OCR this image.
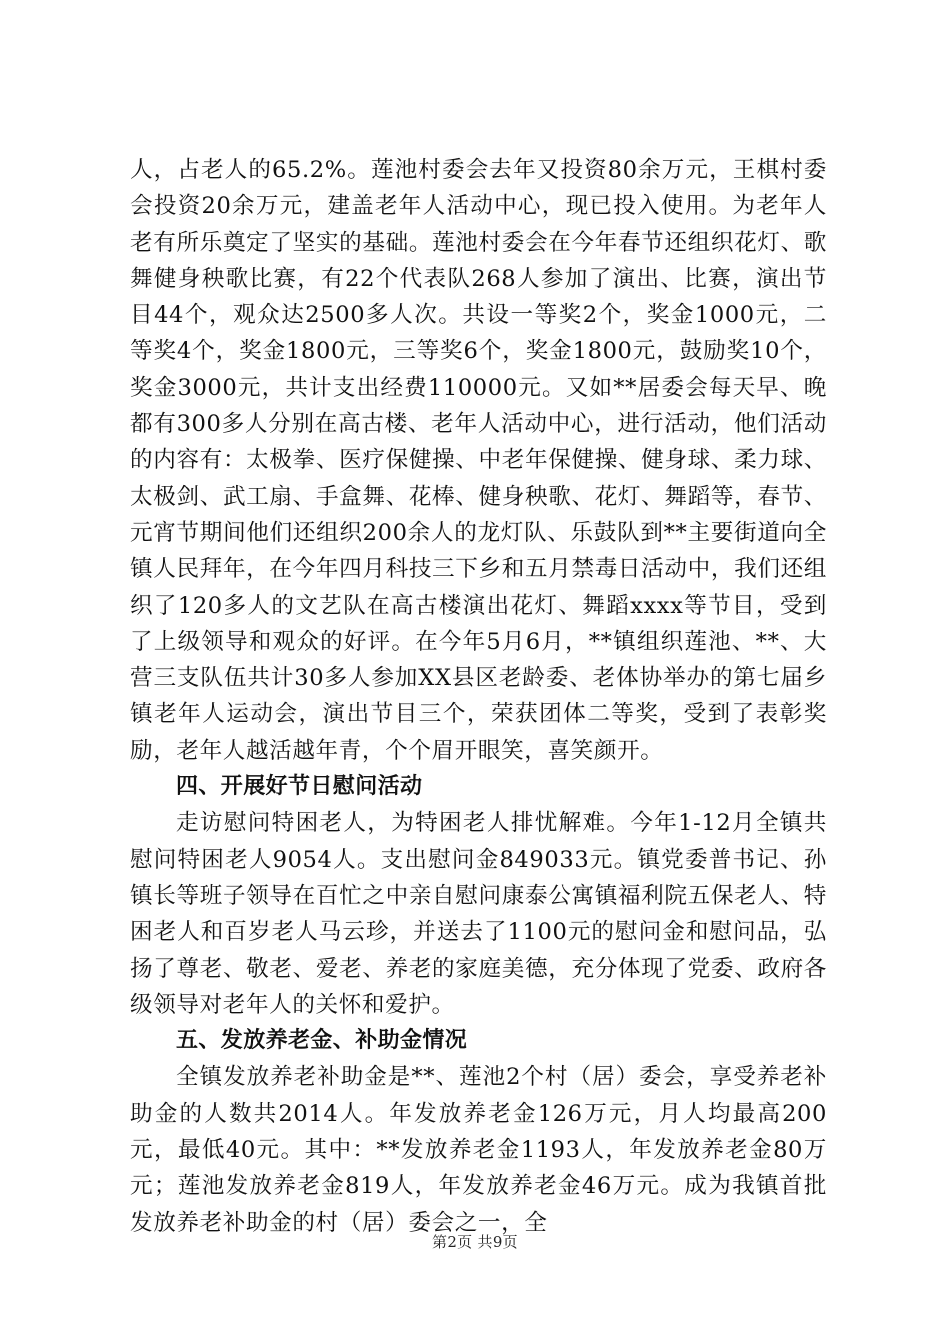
人，占老人的65.2%。莲池村委会去年又投资80余万元，王棋村委会投资20余万元，建盖老年人活动中心，现已投入使用。为老年人老有所乐奠定了坚实的基础。莲池村委会在今年春节还组织花灯、歌舞健身秧歌比赛，有22个代表队268人参加了演出、比赛，演出节目44个，观众达2500多人次。共设一等奖2个，奖金1000元，二等奖4个，奖金1800元，三等奖6个，奖金1800元，鼓励奖10个，奖金3000元，共计支出经费110000元。又如**居委会每天早、晚都有300多人分别在高古楼、老年人活动中心，进行活动，他们活动的内容有：太极拳、医疗保健操、中老年保健操、健身球、柔力球、太极剑、武工扇、手盒舞、花棒、健身秧歌、花灯、舞蹈等，春节、元宵节期间他们还组织200余人的龙灯队、乐鼓队到**主要街道向全镇人民拜年，在今年四月科技三下乡和五月禁毒日活动中，我们还组织了120多人的文艺队在高古楼演出花灯、舞蹈xxxx等节目，受到了上级领导和观众的好评。在今年5月6月，**镇组织莲池、**、大营三支队伍共计30多人参加XX县区老龄委、老体协举办的第七届乡镇老年人运动会，演出节目三个，荣获团体二等奖，受到了表彰奖励，老年人越活越年青，个个眉开眼笑，喜笑颜开。

四、开展好节日慰问活动

走访慰问特困老人，为特困老人排忧解难。今年1-12月全镇共慰问特困老人9054人。支出慰问金849033元。镇党委普书记、孙镇长等班子领导在百忙之中亲自慰问康泰公寓镇福利院五保老人、特困老人和百岁老人马云珍，并送去了1100元的慰问金和慰问品，弘扬了尊老、敬老、爱老、养老的家庭美德，充分体现了党委、政府各级领导对老年人的关怀和爱护。

五、发放养老金、补助金情况

全镇发放养老补助金是**、莲池2个村（居）委会，享受养老补助金的人数共2014人。年发放养老金126万元，月人均最高200元，最低40元。其中：**发放养老金1193人，年发放养老金80万元；莲池发放养老金819人，年发放养老金46万元。成为我镇首批发放养老补助金的村（居）委会之一，全

第2页 共9页
